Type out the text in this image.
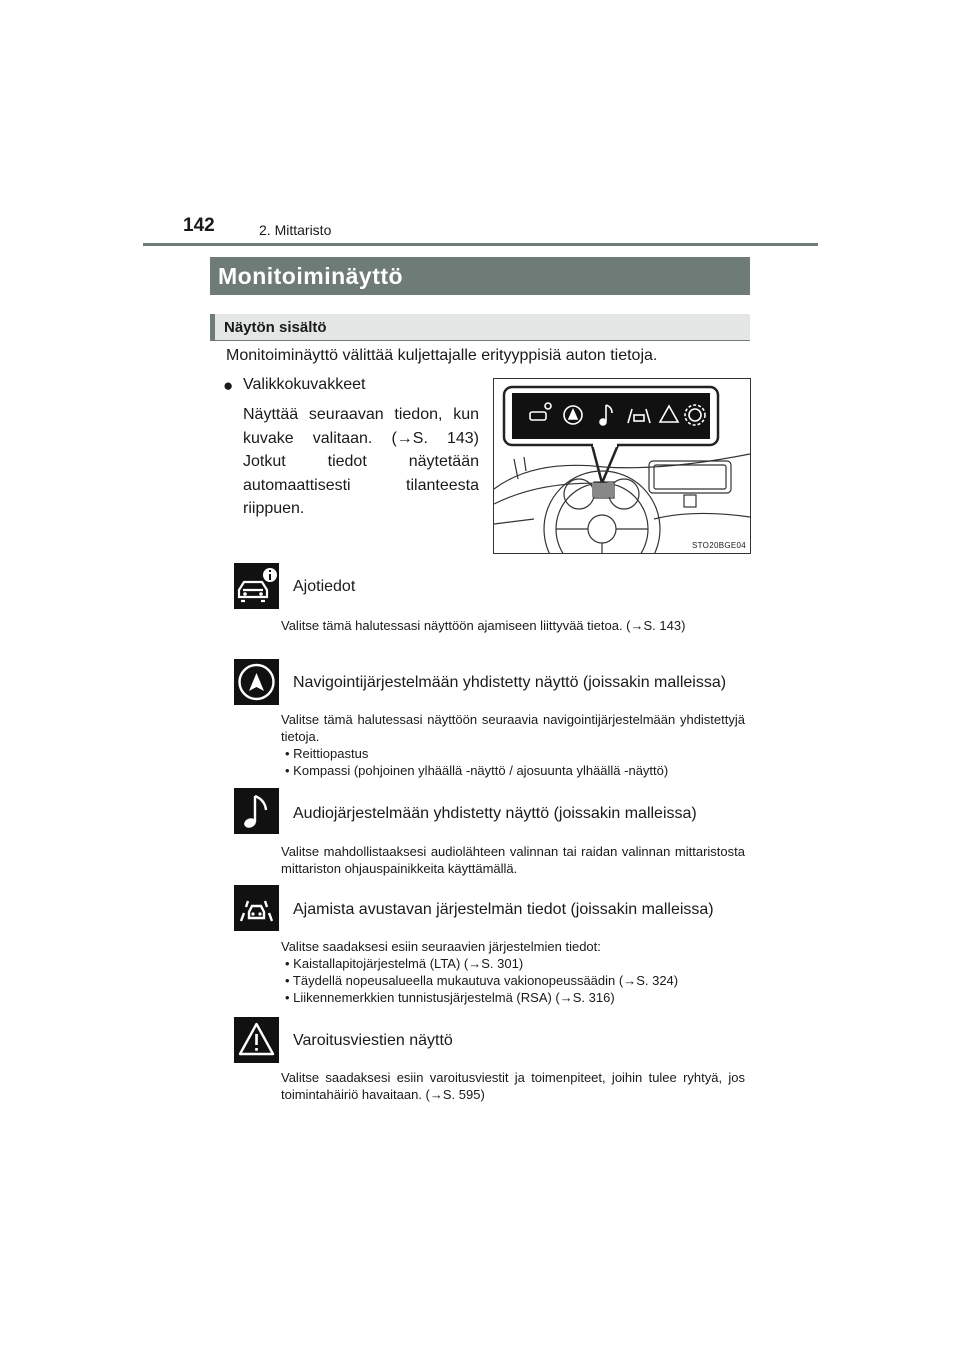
142	2. Mittaristo
Monitoiminäyttö
Näytön sisältö
Monitoiminäyttö välittää kuljettajalle erityyppisiä auton tietoja.
● Valikkokuvakkeet
Näyttää seuraavan tiedon, kun kuvake valitaan. (→S. 143) Jotkut tiedot näytetään automaattisesti tilanteesta riippuen.
STO20BGE04
Ajotiedot
Valitse tämä halutessasi näyttöön ajamiseen liittyvää tietoa. (→S. 143)
Navigointijärjestelmään yhdistetty näyttö (joissakin malleissa)
Valitse tämä halutessasi näyttöön seuraavia navigointijärjestelmään yhdistettyjä tietoja.
• Reittiopastus
• Kompassi (pohjoinen ylhäällä -näyttö / ajosuunta ylhäällä -näyttö)
Audiojärjestelmään yhdistetty näyttö (joissakin malleissa)
Valitse mahdollistaaksesi audiolähteen valinnan tai raidan valinnan mittaristosta mittariston ohjauspainikkeita käyttämällä.
Ajamista avustavan järjestelmän tiedot (joissakin malleissa)
Valitse saadaksesi esiin seuraavien järjestelmien tiedot:
• Kaistallapitojärjestelmä (LTA) (→S. 301)
• Täydellä nopeusalueella mukautuva vakionopeussäädin (→S. 324)
• Liikennemerkkien tunnistusjärjestelmä (RSA) (→S. 316)
Varoitusviestien näyttö
Valitse saadaksesi esiin varoitusviestit ja toimenpiteet, joihin tulee ryhtyä, jos toimintahäiriö havaitaan. (→S. 595)
